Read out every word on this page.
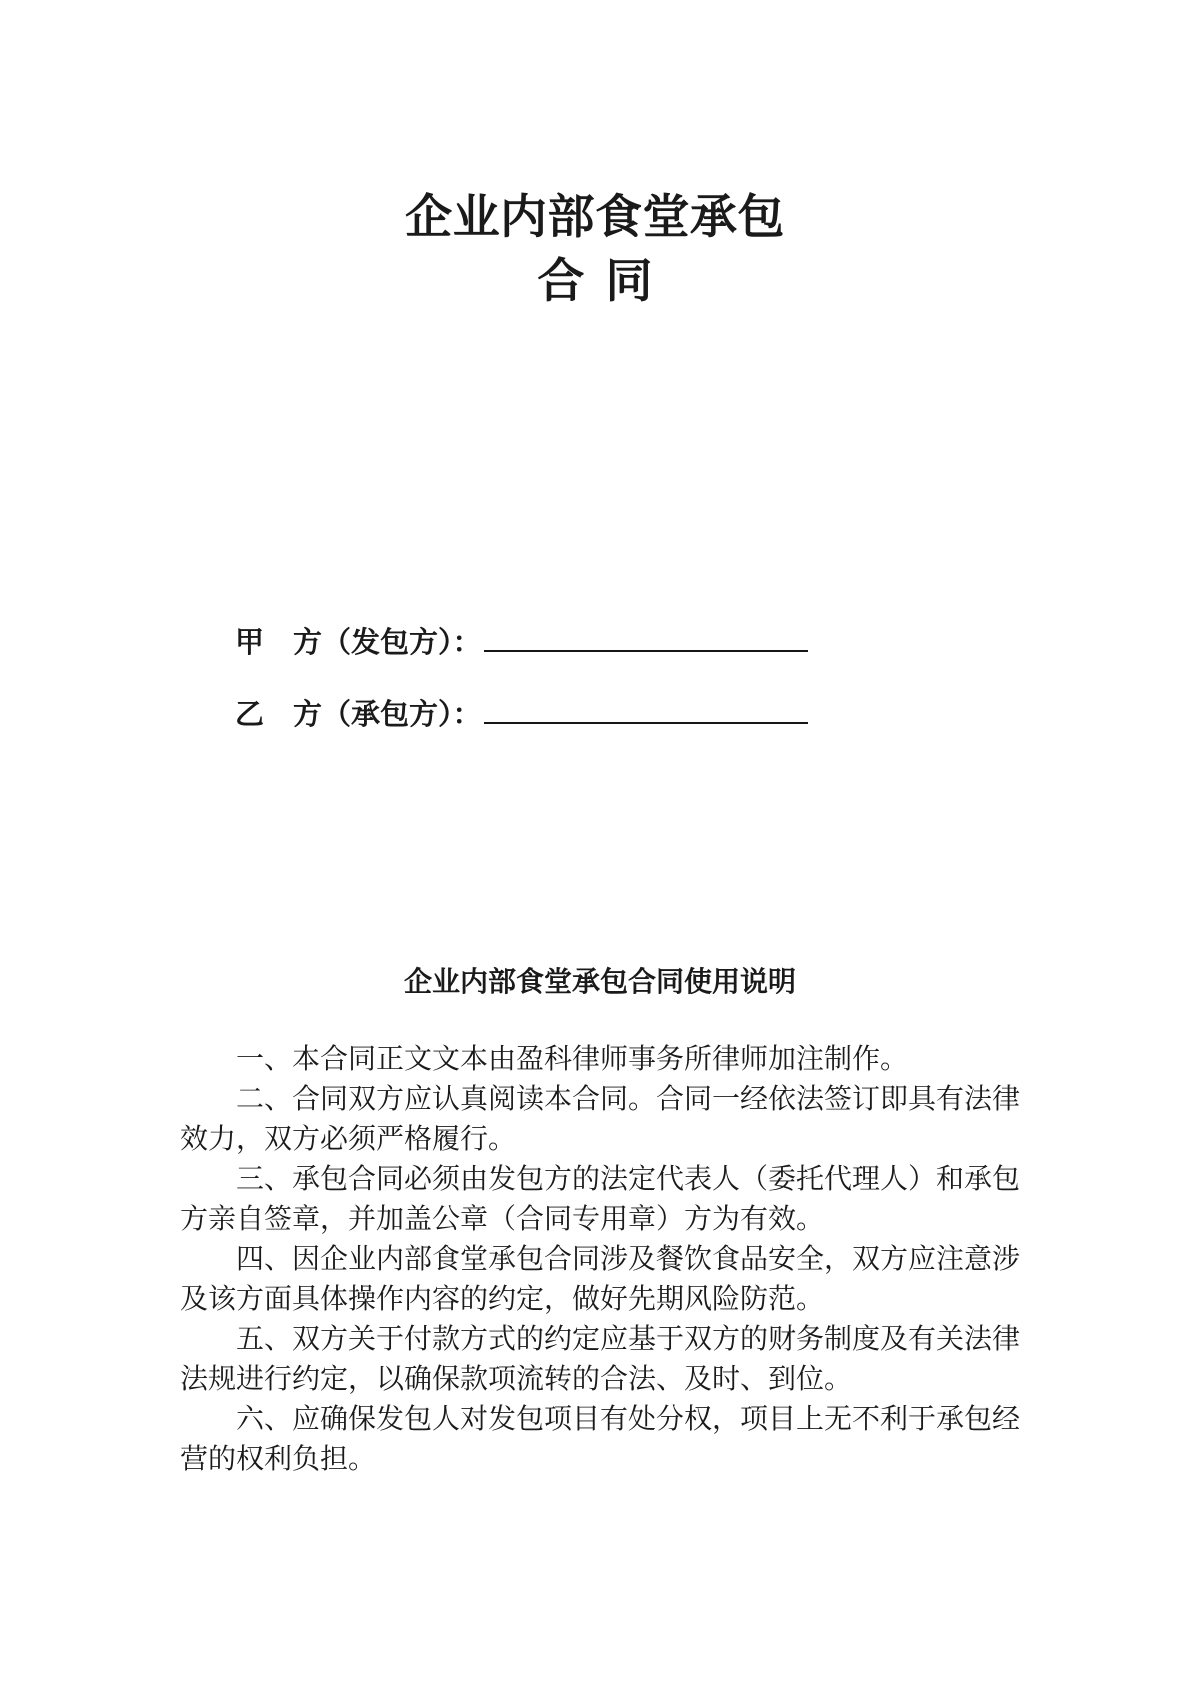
企业内部食堂承包
合同
甲　方（发包方）：
乙　方（承包方）：
企业内部食堂承包合同使用说明

一、本合同正文文本由盈科律师事务所律师加注制作。

二、合同双方应认真阅读本合同。合同一经依法签订即具有法律效力，双方必须严格履行。

三、承包合同必须由发包方的法定代表人（委托代理人）和承包方亲自签章，并加盖公章（合同专用章）方为有效。

四、因企业内部食堂承包合同涉及餐饮食品安全，双方应注意涉及该方面具体操作内容的约定，做好先期风险防范。

五、双方关于付款方式的约定应基于双方的财务制度及有关法律法规进行约定，以确保款项流转的合法、及时、到位。

六、应确保发包人对发包项目有处分权，项目上无不利于承包经营的权利负担。
